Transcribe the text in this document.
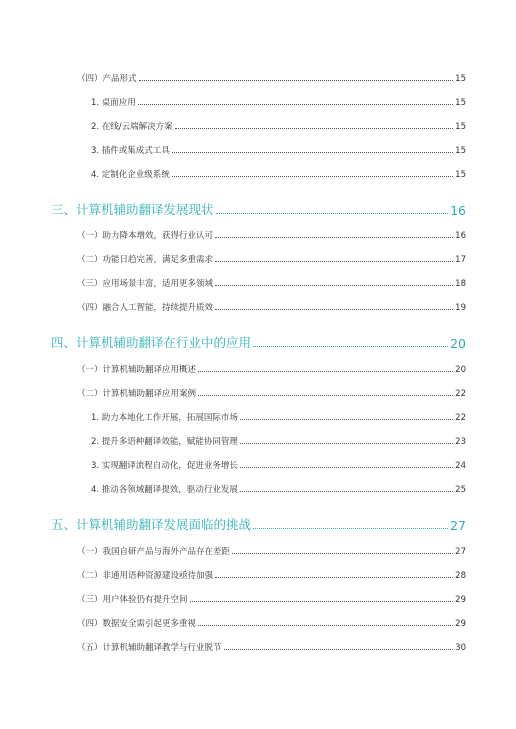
（四）产品形式	15
1. 桌面应用	15
2. 在线/云端解决方案	15
3. 插件或集成式工具	15
4. 定制化企业级系统	15
三、计算机辅助翻译发展现状	16
（一）助力降本增效，获得行业认可	16
（二）功能日趋完善，满足多重需求	17
（三）应用场景丰富，适用更多领域	18
（四）融合人工智能，持续提升质效	19
四、计算机辅助翻译在行业中的应用	20
（一）计算机辅助翻译应用概述	20
（二）计算机辅助翻译应用案例	22
1. 助力本地化工作开展，拓展国际市场	22
2. 提升多语种翻译效能，赋能协同管理	23
3. 实现翻译流程自动化，促进业务增长	24
4. 推动各领域翻译提效，驱动行业发展	25
五、计算机辅助翻译发展面临的挑战	27
（一）我国自研产品与海外产品存在差距	27
（二）非通用语种资源建设亟待加强	28
（三）用户体验仍有提升空间	29
（四）数据安全需引起更多重视	29
（五）计算机辅助翻译教学与行业脱节	30
